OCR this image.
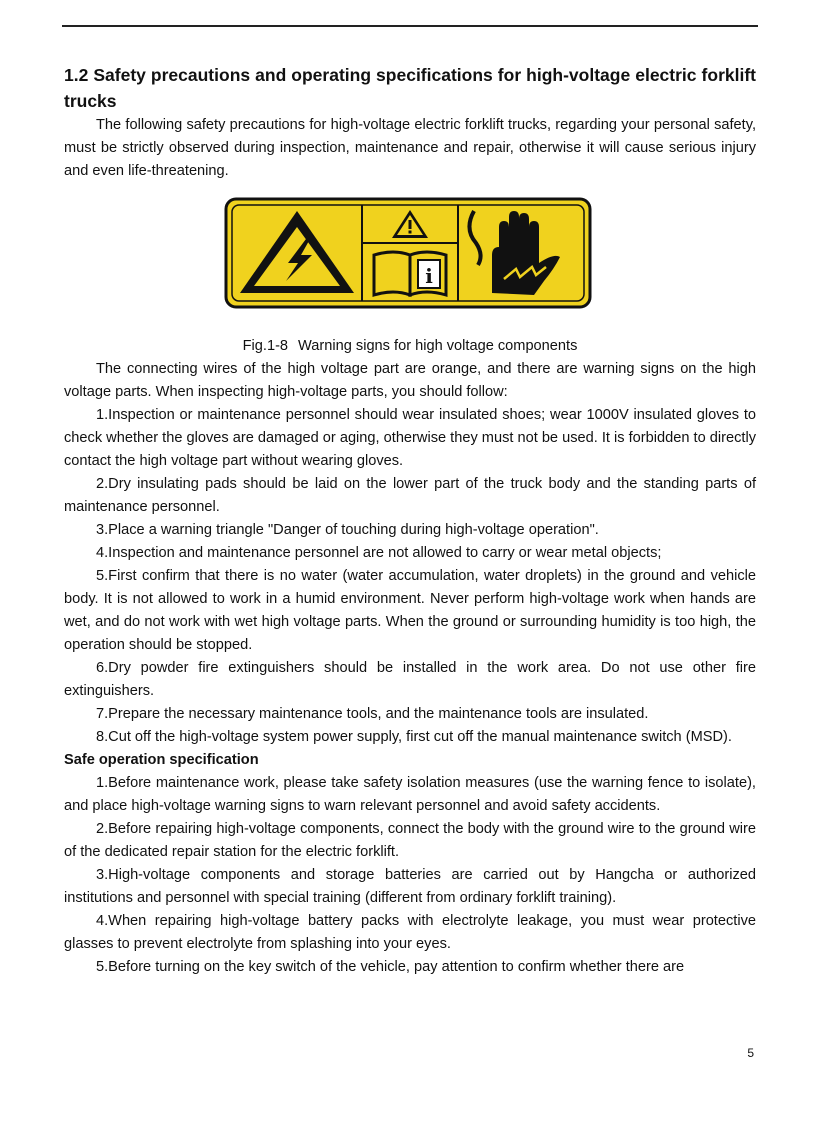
1.2 Safety precautions and operating specifications for high-voltage electric forklift trucks

The following safety precautions for high-voltage electric forklift trucks, regarding your personal safety, must be strictly observed during inspection, maintenance and repair, otherwise it will cause serious injury and even life-threatening.

i
Fig.1-8 Warning signs for high voltage components

The connecting wires of the high voltage part are orange, and there are warning signs on the high voltage parts. When inspecting high-voltage parts, you should follow:

1.Inspection or maintenance personnel should wear insulated shoes; wear 1000V insulated gloves to check whether the gloves are damaged or aging, otherwise they must not be used. It is forbidden to directly contact the high voltage part without wearing gloves.

2.Dry insulating pads should be laid on the lower part of the truck body and the standing parts of maintenance personnel.

3.Place a warning triangle "Danger of touching during high-voltage operation".

4.Inspection and maintenance personnel are not allowed to carry or wear metal objects;

5.First confirm that there is no water (water accumulation, water droplets) in the ground and vehicle body. It is not allowed to work in a humid environment. Never perform high-voltage work when hands are wet, and do not work with wet high voltage parts. When the ground or surrounding humidity is too high, the operation should be stopped.

6.Dry powder fire extinguishers should be installed in the work area. Do not use other fire extinguishers.

7.Prepare the necessary maintenance tools, and the maintenance tools are insulated.

8.Cut off the high-voltage system power supply, first cut off the manual maintenance switch (MSD).

Safe operation specification

1.Before maintenance work, please take safety isolation measures (use the warning fence to isolate), and place high-voltage warning signs to warn relevant personnel and avoid safety accidents.

2.Before repairing high-voltage components, connect the body with the ground wire to the ground wire of the dedicated repair station for the electric forklift.

3.High-voltage components and storage batteries are carried out by Hangcha or authorized institutions and personnel with special training (different from ordinary forklift training).

4.When repairing high-voltage battery packs with electrolyte leakage, you must wear protective glasses to prevent electrolyte from splashing into your eyes.

5.Before turning on the key switch of the vehicle, pay attention to confirm whether there are

5
